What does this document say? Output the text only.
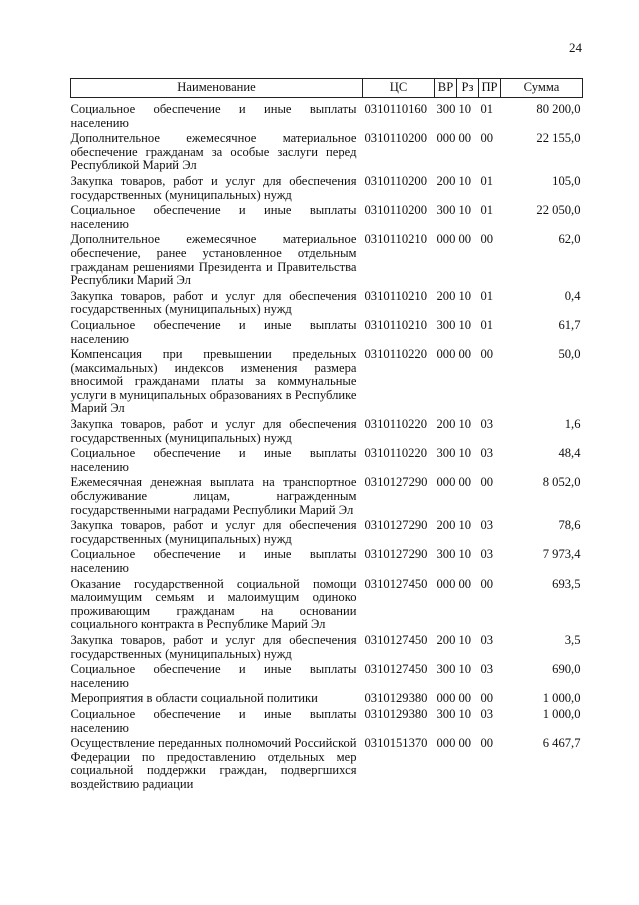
24
Наименование	ЦС	ВР	Рз	ПР	Сумма
Социальное обеспечение и иные выплаты населению	0310110160	300	10	01	80 200,0
Дополнительное ежемесячное материальное обеспечение гражданам за особые заслуги перед Республикой Марий Эл	0310110200	000	00	00	22 155,0
Закупка товаров, работ и услуг для обеспечения государственных (муниципальных) нужд	0310110200	200	10	01	105,0
Социальное обеспечение и иные выплаты населению	0310110200	300	10	01	22 050,0
Дополнительное ежемесячное материальное обеспечение, ранее установленное отдельным гражданам решениями Президента и Правительства Республики Марий Эл	0310110210	000	00	00	62,0
Закупка товаров, работ и услуг для обеспечения государственных (муниципальных) нужд	0310110210	200	10	01	0,4
Социальное обеспечение и иные выплаты населению	0310110210	300	10	01	61,7
Компенсация при превышении предельных (максимальных) индексов изменения размера вносимой гражданами платы за коммунальные услуги в муниципальных образованиях в Республике Марий Эл	0310110220	000	00	00	50,0
Закупка товаров, работ и услуг для обеспечения государственных (муниципальных) нужд	0310110220	200	10	03	1,6
Социальное обеспечение и иные выплаты населению	0310110220	300	10	03	48,4
Ежемесячная денежная выплата на транспортное обслуживание лицам, награжденным государственными наградами Республики Марий Эл	0310127290	000	00	00	8 052,0
Закупка товаров, работ и услуг для обеспечения государственных (муниципальных) нужд	0310127290	200	10	03	78,6
Социальное обеспечение и иные выплаты населению	0310127290	300	10	03	7 973,4
Оказание государственной социальной помощи малоимущим семьям и малоимущим одиноко проживающим гражданам на основании социального контракта в Республике Марий Эл	0310127450	000	00	00	693,5
Закупка товаров, работ и услуг для обеспечения государственных (муниципальных) нужд	0310127450	200	10	03	3,5
Социальное обеспечение и иные выплаты населению	0310127450	300	10	03	690,0
Мероприятия в области социальной политики	0310129380	000	00	00	1 000,0
Социальное обеспечение и иные выплаты населению	0310129380	300	10	03	1 000,0
Осуществление переданных полномочий Российской Федерации по предоставлению отдельных мер социальной поддержки граждан, подвергшихся воздействию радиации	0310151370	000	00	00	6 467,7
